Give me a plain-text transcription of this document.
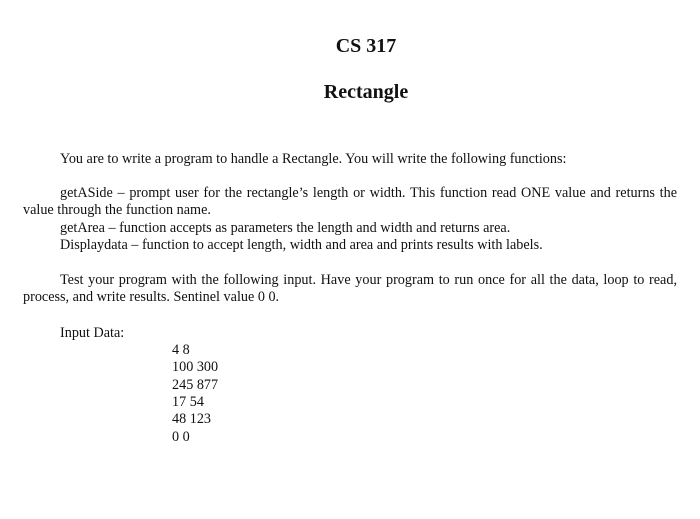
CS 317
Rectangle
You are to write a program to handle a Rectangle. You will write the following functions:
getASide – prompt user for the rectangle’s length or width. This function read ONE value and returns the value through the function name.
getArea – function accepts as parameters the length and width and returns area.
Displaydata – function to accept length, width and area and prints results with labels.
Test your program with the following input. Have your program to run once for all the data, loop to read, process, and write results. Sentinel value 0 0.
Input Data:
4 8
100 300
245 877
17 54
48 123
0 0
